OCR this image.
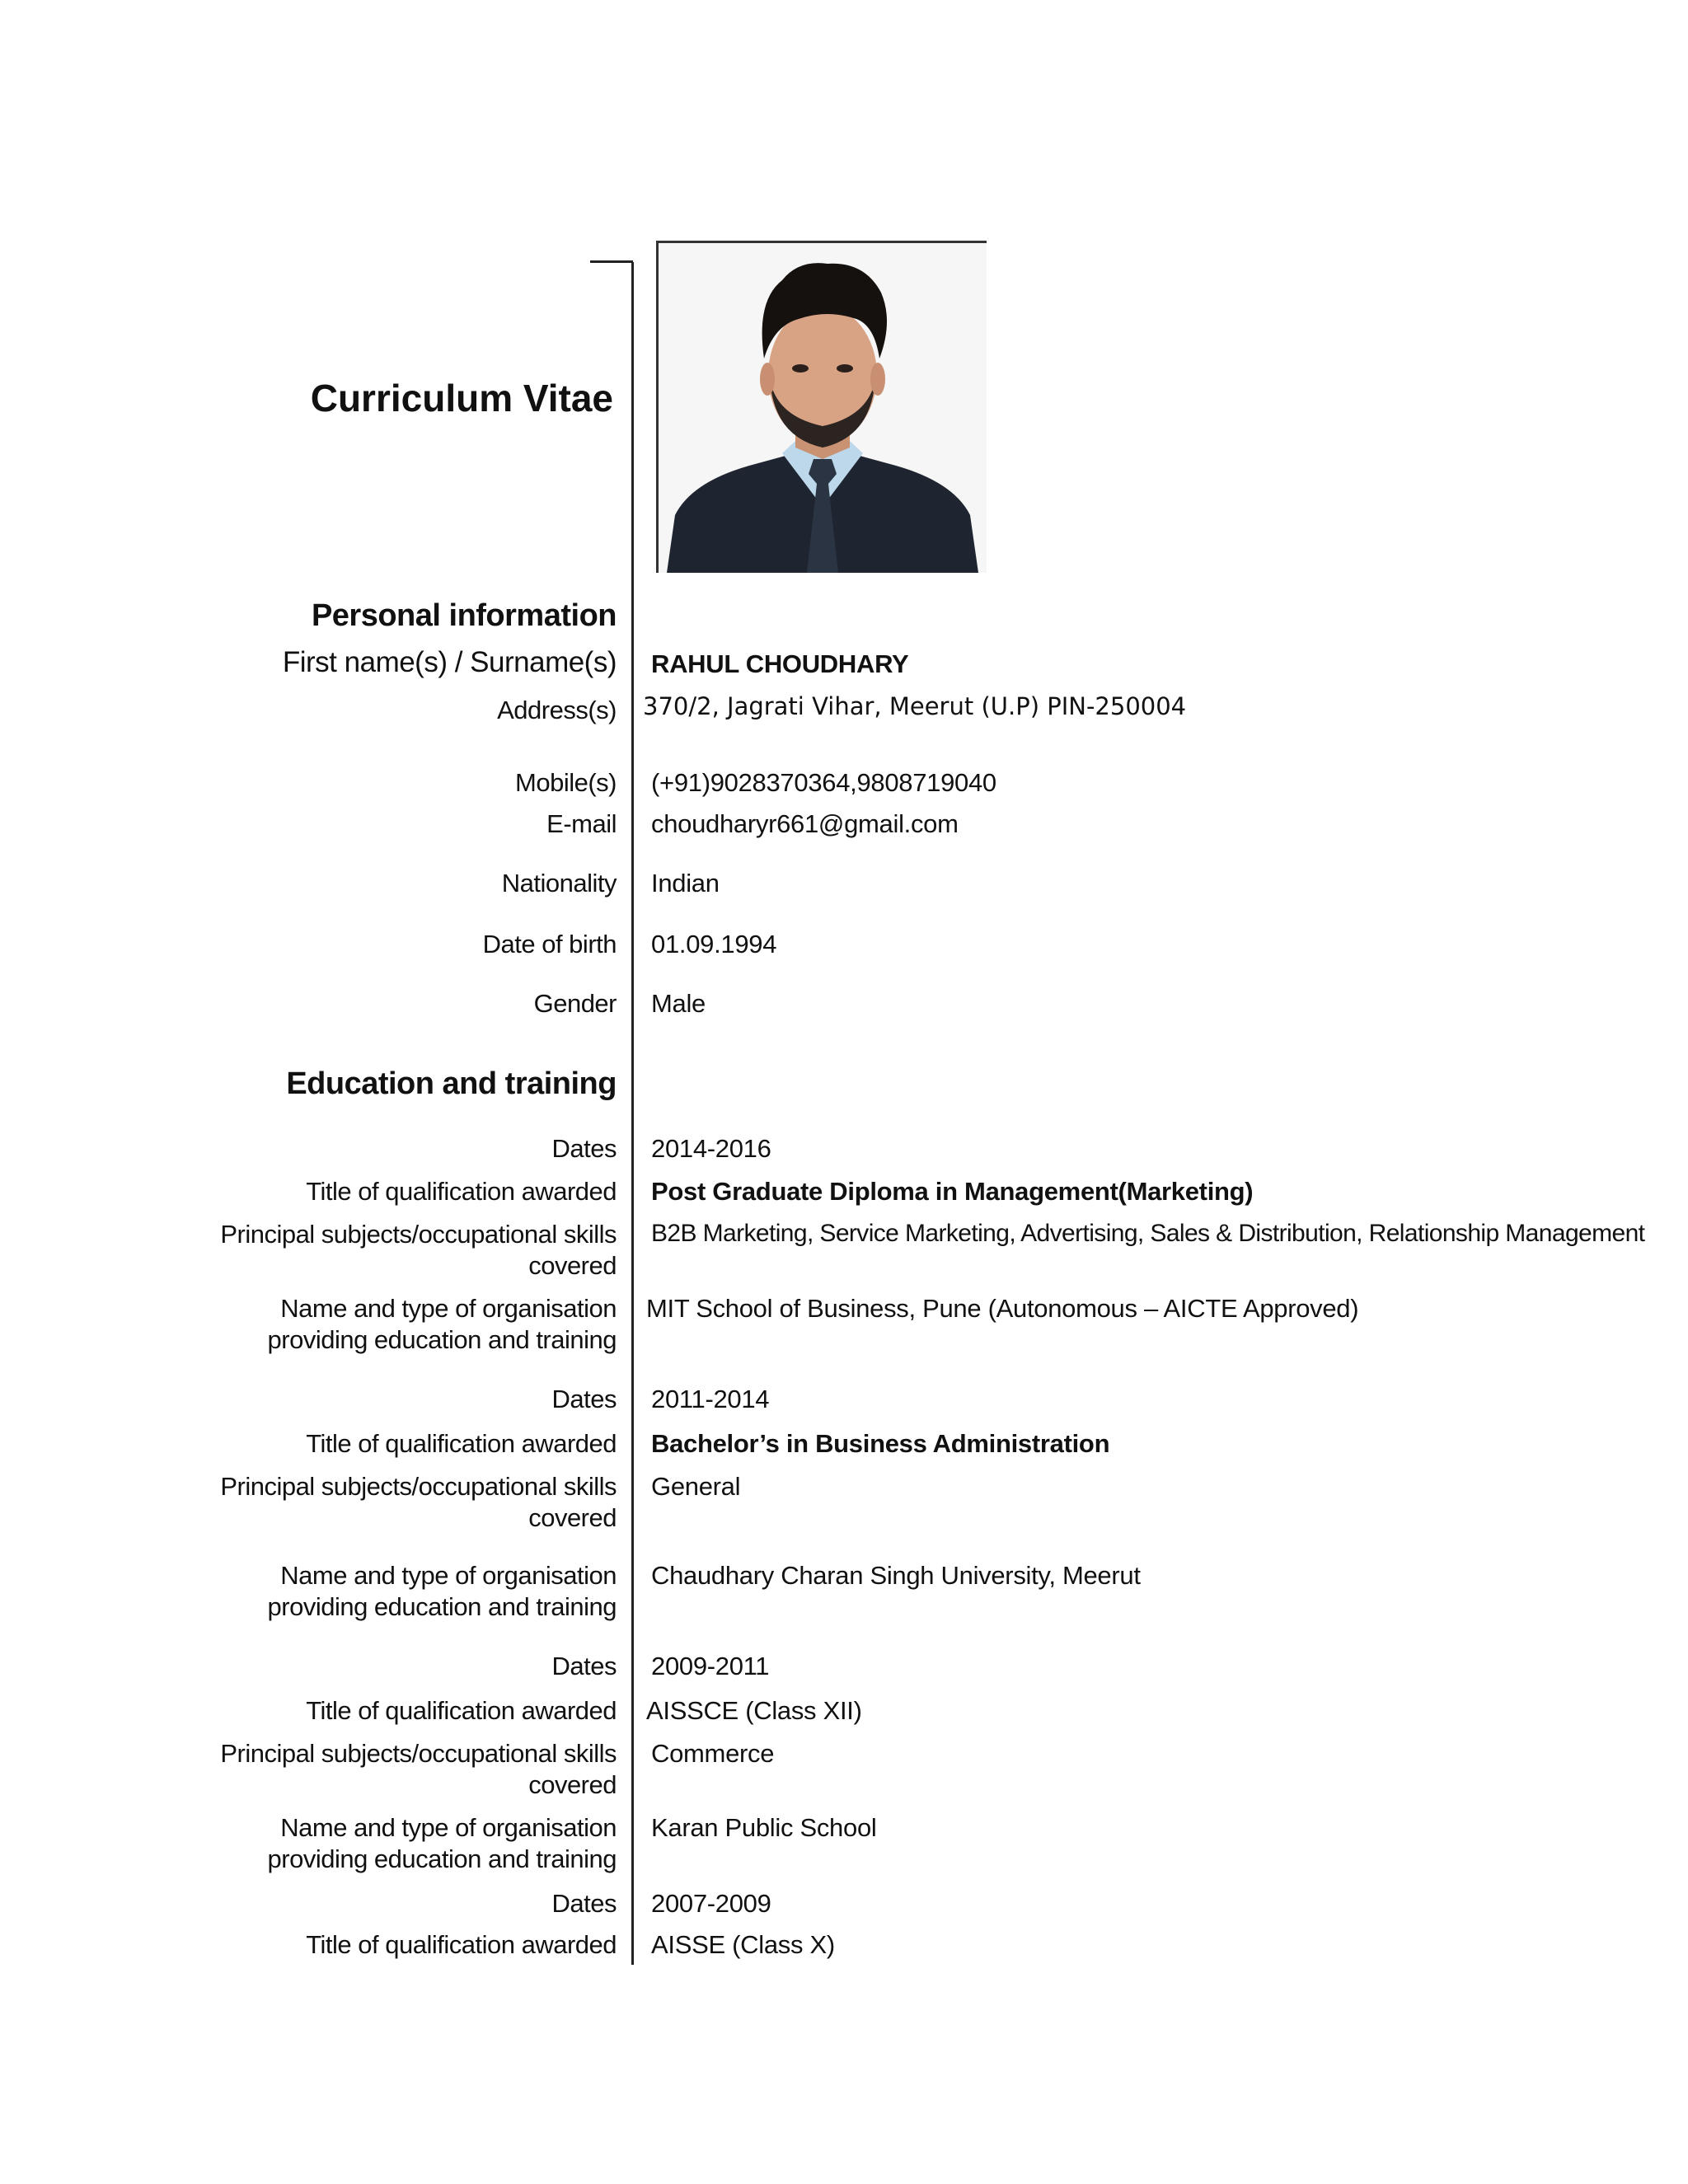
Curriculum Vitae
Personal information
First name(s) / Surname(s) RAHUL CHOUDHARY
Address(s) 370/2, Jagrati Vihar, Meerut (U.P) PIN-250004
Mobile(s) (+91)9028370364,9808719040
E-mail choudharyr661@gmail.com
Nationality Indian
Date of birth 01.09.1994
Gender Male
Education and training
Dates 2014-2016
Title of qualification awarded Post Graduate Diploma in Management(Marketing)
Principal subjects/occupational skills
covered
B2B Marketing, Service Marketing, Advertising, Sales & Distribution, Relationship Management
Name and type of organisation
providing education and training
MIT School of Business, Pune (Autonomous – AICTE Approved)
Dates 2011-2014
Title of qualification awarded Bachelor’s in Business Administration
Principal subjects/occupational skills
covered
General
Name and type of organisation
providing education and training
Chaudhary Charan Singh University, Meerut
Dates 2009-2011
Title of qualification awarded AISSCE (Class XII)
Principal subjects/occupational skills
covered
Commerce
Name and type of organisation
providing education and training
Karan Public School
Dates 2007-2009
Title of qualification awarded AISSE (Class X)
